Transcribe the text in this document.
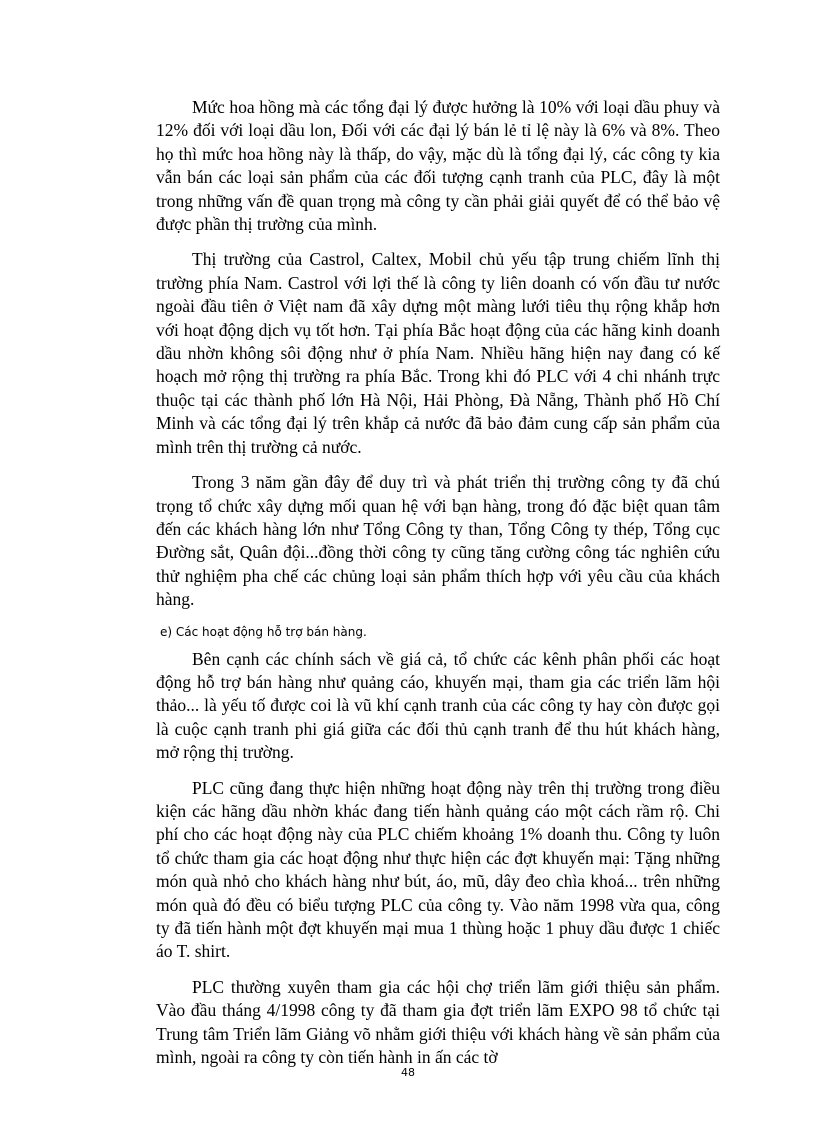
Mức hoa hồng mà các tổng đại lý được hưởng là 10% với loại dầu phuy và 12% đối với loại dầu lon, Đối với các đại lý bán lẻ tỉ lệ này là 6% và 8%. Theo họ thì mức hoa hồng này là thấp, do vậy, mặc dù là tổng đại lý, các công ty kia vẫn bán các loại sản phẩm của các đối tượng cạnh tranh của PLC, đây là một trong những vấn đề quan trọng mà công ty cần phải giải quyết để có thể bảo vệ được phần thị trường của mình.

Thị trường của Castrol, Caltex, Mobil chủ yếu tập trung chiếm lĩnh thị trường phía Nam. Castrol với lợi thế là công ty liên doanh có vốn đầu tư nước ngoài đầu tiên ở Việt nam đã xây dựng một màng lưới tiêu thụ rộng khắp hơn với hoạt động dịch vụ tốt hơn. Tại phía Bắc hoạt động của các hãng kinh doanh dầu nhờn không sôi động như ở phía Nam. Nhiều hãng hiện nay đang có kế hoạch mở rộng thị trường ra phía Bắc. Trong khi đó PLC với 4 chi nhánh trực thuộc tại các thành phố lớn Hà Nội, Hải Phòng, Đà Nẵng, Thành phố Hồ Chí Minh và các tổng đại lý trên khắp cả nước đã bảo đảm cung cấp sản phẩm của mình trên thị trường cả nước.

Trong 3 năm gần đây để duy trì và phát triển thị trường công ty đã chú trọng tổ chức xây dựng mối quan hệ với bạn hàng, trong đó đặc biệt quan tâm đến các khách hàng lớn như Tổng Công ty than, Tổng Công ty thép, Tổng cục Đường sắt, Quân đội...đồng thời công ty cũng tăng cường công tác nghiên cứu thử nghiệm pha chế các chủng loại sản phẩm thích hợp với yêu cầu của khách hàng.

e) Các hoạt động hỗ trợ bán hàng.

Bên cạnh các chính sách về giá cả, tổ chức các kênh phân phối các hoạt động hỗ trợ bán hàng như quảng cáo, khuyến mại, tham gia các triển lãm hội thảo... là yếu tố được coi là vũ khí cạnh tranh của các công ty hay còn được gọi là cuộc cạnh tranh phi giá giữa các đối thủ cạnh tranh để thu hút khách hàng, mở rộng thị trường.

PLC cũng đang thực hiện những hoạt động này trên thị trường trong điều kiện các hãng dầu nhờn khác đang tiến hành quảng cáo một cách rầm rộ. Chi phí cho các hoạt động này của PLC chiếm khoảng 1% doanh thu. Công ty luôn tổ chức tham gia các hoạt động như thực hiện các đợt khuyến mại: Tặng những món quà nhỏ cho khách hàng như bút, áo, mũ, dây đeo chìa khoá... trên những món quà đó đều có biểu tượng PLC của công ty. Vào năm 1998 vừa qua, công ty đã tiến hành một đợt khuyến mại mua 1 thùng hoặc 1 phuy dầu được 1 chiếc áo T. shirt.

PLC thường xuyên tham gia các hội chợ triển lãm giới thiệu sản phẩm. Vào đầu tháng 4/1998 công ty đã tham gia đợt triển lãm EXPO 98 tổ chức tại Trung tâm Triển lãm Giảng võ nhằm giới thiệu với khách hàng về sản phẩm của mình, ngoài ra công ty còn tiến hành in ấn các tờ

48
